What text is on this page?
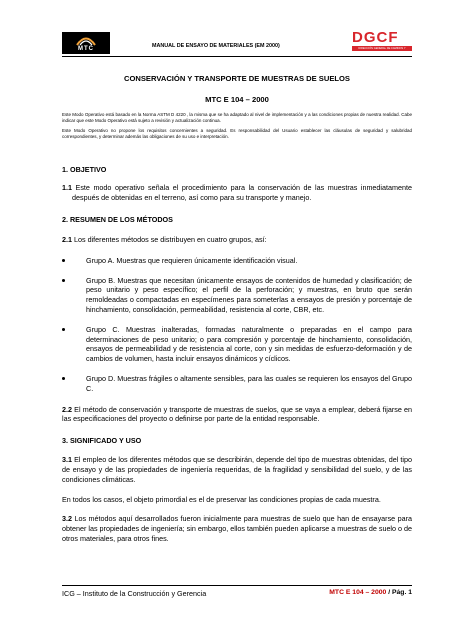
MTC	MANUAL DE ENSAYO DE MATERIALES (EM 2000)	DGCF
DIRECCIÓN GENERAL DE CAMINOS Y FERROCARRILES

CONSERVACIÓN Y TRANSPORTE DE MUESTRAS DE SUELOS

MTC E 104 – 2000

Este Modo Operativo está basado en la Norma ASTM D 4220 , la misma que se ha adaptado al nivel de implementación y a las condiciones propias de nuestra realidad. Cabe indicar que este Modo Operativo está sujeto a revisión y actualización continua.

Este Modo Operativo no propone los requisitos concernientes a seguridad. Es responsabilidad del Usuario establecer las cláusulas de seguridad y salubridad correspondientes, y determinar además las obligaciones de su uso e interpretación.

1. OBJETIVO

1.1 Este modo operativo señala el procedimiento para la conservación de las muestras inmediatamente después de obtenidas en el terreno, así como para su transporte y manejo.

2. RESUMEN DE LOS MÉTODOS

2.1 Los diferentes métodos se distribuyen en cuatro grupos, así:

Grupo A. Muestras que requieren únicamente identificación visual.

Grupo B. Muestras que necesitan únicamente ensayos de contenidos de humedad y clasificación; de peso unitario y peso específico; el perfil de la perforación; y muestras, en bruto que serán remoldeadas o compactadas en especímenes para someterlas a ensayos de presión y porcentaje de hinchamiento, consolidación, permeabilidad, resistencia al corte, CBR, etc.

Grupo C. Muestras inalteradas, formadas naturalmente o preparadas en el campo para determinaciones de peso unitario; o para compresión y porcentaje de hinchamiento, consolidación, ensayos de permeabilidad y de resistencia al corte, con y sin medidas de esfuerzo-deformación y de cambios de volumen, hasta incluir ensayos dinámicos y cíclicos.

Grupo D. Muestras frágiles o altamente sensibles, para las cuales se requieren los ensayos del Grupo C.

2.2 El método de conservación y transporte de muestras de suelos, que se vaya a emplear, deberá fijarse en las especificaciones del proyecto o definirse por parte de la entidad responsable.

3. SIGNIFICADO Y USO

3.1 El empleo de los diferentes métodos que se describirán, depende del tipo de muestras obtenidas, del tipo de ensayo y de las propiedades de ingeniería requeridas, de la fragilidad y sensibilidad del suelo, y de las condiciones climáticas.

En todos los casos, el objeto primordial es el de preservar las condiciones propias de cada muestra.

3.2 Los métodos aquí desarrollados fueron inicialmente para muestras de suelo que han de ensayarse para obtener las propiedades de ingeniería; sin embargo, ellos también pueden aplicarse a muestras de suelo o de otros materiales, para otros fines.

ICG – Instituto de la Construcción y Gerencia	MTC E 104 – 2000 / Pág. 1
